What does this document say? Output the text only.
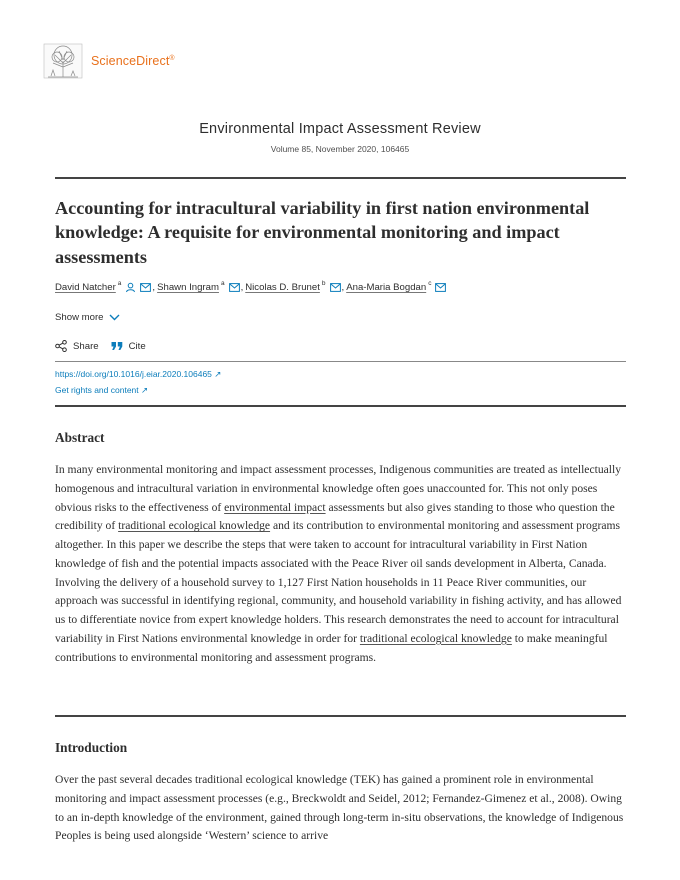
ScienceDirect®
Environmental Impact Assessment Review
Volume 85, November 2020, 106465
Accounting for intracultural variability in first nation environmental knowledge: A requisite for environmental monitoring and impact assessments
David Natcher $^a$	, Shawn Ingram $^a$ , Nicolas D. Brunet $^b$ , Ana-Maria Bogdan $^c$
Show more
Share	Cite
https://doi.org/10.1016/j.eiar.2020.106465 ↗
Get rights and content ↗
Abstract
In many environmental monitoring and impact assessment processes, Indigenous communities are treated as intellectually homogenous and intracultural variation in environmental knowledge often goes unaccounted for. This not only poses obvious risks to the effectiveness of environmental impact assessments but also gives standing to those who question the credibility of traditional ecological knowledge and its contribution to environmental monitoring and assessment programs altogether. In this paper we describe the steps that were taken to account for intracultural variability in First Nation knowledge of fish and the potential impacts associated with the Peace River oil sands development in Alberta, Canada. Involving the delivery of a household survey to 1,127 First Nation households in 11 Peace River communities, our approach was successful in identifying regional, community, and household variability in fishing activity, and has allowed us to differentiate novice from expert knowledge holders. This research demonstrates the need to account for intracultural variability in First Nations environmental knowledge in order for traditional ecological knowledge to make meaningful contributions to environmental monitoring and assessment programs.
Introduction
Over the past several decades traditional ecological knowledge (TEK) has gained a prominent role in environmental monitoring and impact assessment processes (e.g., Breckwoldt and Seidel, 2012; Fernandez-Gimenez et al., 2008). Owing to an in-depth knowledge of the environment, gained through long-term in-situ observations, the knowledge of Indigenous Peoples is being used alongside ‘Western’ science to arrive
